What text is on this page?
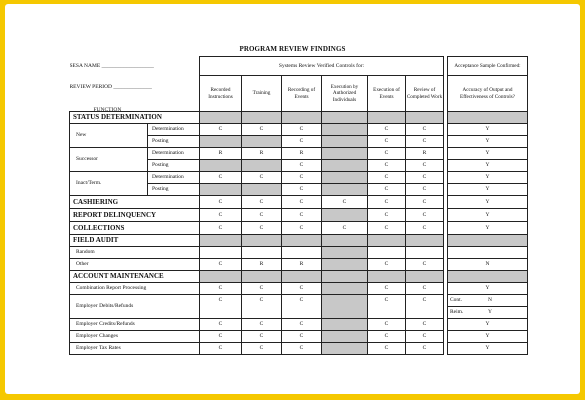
PROGRAM REVIEW FINDINGS
SESA NAME ___________________
REVIEW PERIOD ______________
FUNCTION		Systems Review Verified Controls for:							Acceptance Sample Confirmed:
		Recorded Instructions	Training	Recording of Events	Execution by Authorized Individuals	Execution of Events	Review of Completed Work		Accuracy of Output and Effectiveness of Controls?
STATUS DETERMINATION									
New	Determination	C	C	C		C	C		Y
	Posting			C		C	C		Y
Successor	Determination	R	R	R		C	R		Y
	Posting			C		C	C		Y
Inact/Term.	Determination	C	C	C		C	C		Y
	Posting			C		C	C		Y
CASHIERING		C	C	C	C	C	C		Y
REPORT DELINQUENCY		C	C	C		C	C		Y
COLLECTIONS		C	C	C	C	C	C		Y
FIELD AUDIT									
Random									
Other		C	R	R		C	C		N
ACCOUNT MAINTENANCE									
Combination Report Processing		C	C	C		C	C		Y
Employer Debits/Refunds		C	C	C		C	C		Cont. N

									Reim. Y

Employer Credits/Refunds		C	C	C		C	C		Y
Employer Changes		C	C	C		C	C		Y
Employer Tax Rates		C	C	C		C	C		Y
